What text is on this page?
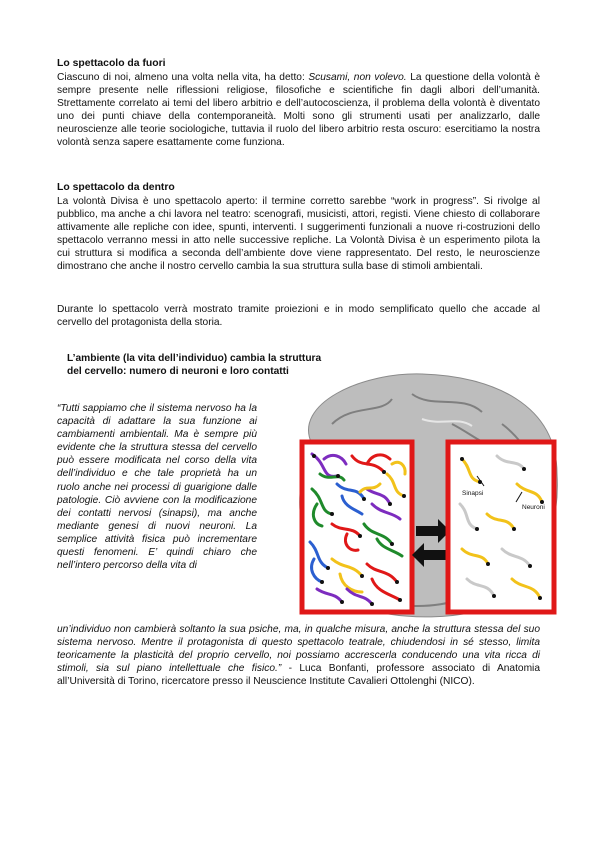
Lo spettacolo da fuori
Ciascuno di noi, almeno una volta nella vita, ha detto: Scusami, non volevo. La questione della volontà è sempre presente nelle riflessioni religiose, filosofiche e scientifiche fin dagli albori dell’umanità. Strettamente correlato ai temi del libero arbitrio e dell’autocoscienza, il problema della volontà è diventato uno dei punti chiave della contemporaneità. Molti sono gli strumenti usati per analizzarlo, dalle neuroscienze alle teorie sociologiche, tuttavia il ruolo del libero arbitrio resta oscuro: esercitiamo la nostra volontà senza sapere esattamente come funziona.
Lo spettacolo da dentro
La volontà Divisa è uno spettacolo aperto: il termine corretto sarebbe “work in progress”. Si rivolge al pubblico, ma anche a chi lavora nel teatro: scenografi, musicisti, attori, registi. Viene chiesto di collaborare attivamente alle repliche con idee, spunti, interventi. I suggerimenti funzionali a nuove ri-costruzioni dello spettacolo verranno messi in atto nelle successive repliche. La Volontà Divisa è un esperimento pilota la cui struttura si modifica a seconda dell’ambiente dove viene rappresentato. Del resto, le neuroscienze dimostrano che anche il nostro cervello cambia la sua struttura sulla base di stimoli ambientali.
Durante lo spettacolo verrà mostrato tramite proiezioni e in modo semplificato quello che accade al cervello del protagonista della storia.
L’ambiente (la vita dell’individuo) cambia la struttura
del cervello: numero di neuroni e loro contatti
Sinapsi
Neuroni
“Tutti sappiamo che il sistema nervoso ha la capacità di adattare la sua funzione ai cambiamenti ambientali. Ma è sempre più evidente che la struttura stessa del cervello può essere modificata nel corso della vita dell’individuo e che tale proprietà ha un ruolo anche nei processi di guarigione dalle patologie. Ciò avviene con la modificazione dei contatti nervosi (sinapsi), ma anche mediante genesi di nuovi neuroni. La semplice attività fisica può incrementare questi fenomeni. E’ quindi chiaro che nell’intero percorso della vita di
un’individuo non cambierà soltanto la sua psiche, ma, in qualche misura, anche la struttura stessa del suo sistema nervoso. Mentre il protagonista di questo spettacolo teatrale, chiudendosi in sé stesso, limita teoricamente la plasticità del proprio cervello, noi possiamo accrescerla conducendo una vita ricca di stimoli, sia sul piano intellettuale che fisico.” - Luca Bonfanti, professore associato di Anatomia all’Università di Torino, ricercatore presso il Neuscience Institute Cavalieri Ottolenghi (NICO).
